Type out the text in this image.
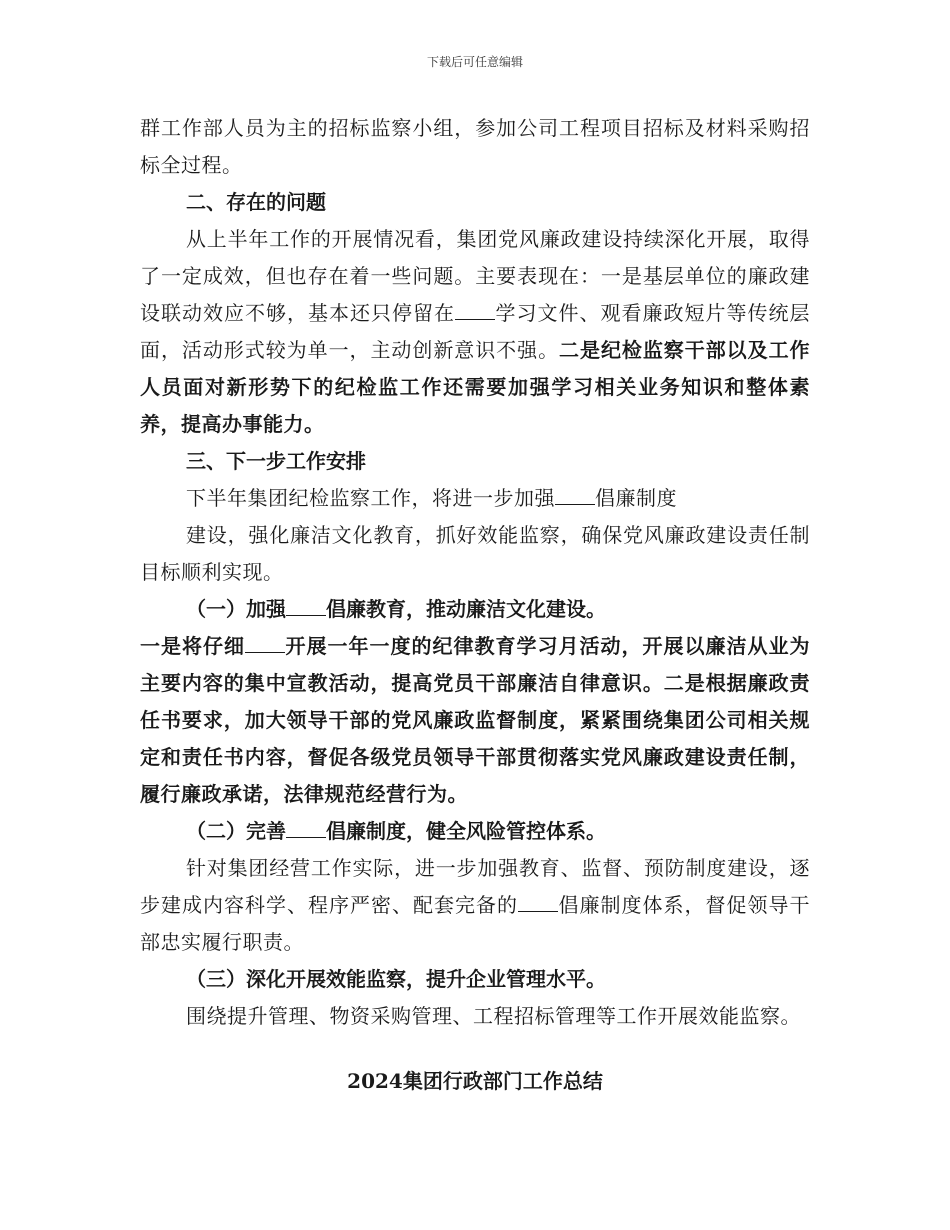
下载后可任意编辑

群工作部人员为主的招标监察小组，参加公司工程项目招标及材料采购招标全过程。

二、存在的问题

从上半年工作的开展情况看，集团党风廉政建设持续深化开展，取得了一定成效，但也存在着一些问题。主要表现在：一是基层单位的廉政建设联动效应不够，基本还只停留在 学习文件、观看廉政短片等传统层面，活动形式较为单一，主动创新意识不强。二是纪检监察干部以及工作人员面对新形势下的纪检监工作还需要加强学习相关业务知识和整体素养，提高办事能力。

三、下一步工作安排

下半年集团纪检监察工作，将进一步加强 倡廉制度

建设，强化廉洁文化教育，抓好效能监察，确保党风廉政建设责任制目标顺利实现。

（一）加强 倡廉教育，推动廉洁文化建设。

一是将仔细 开展一年一度的纪律教育学习月活动，开展以廉洁从业为主要内容的集中宣教活动，提高党员干部廉洁自律意识。二是根据廉政责任书要求，加大领导干部的党风廉政监督制度，紧紧围绕集团公司相关规定和责任书内容，督促各级党员领导干部贯彻落实党风廉政建设责任制，履行廉政承诺，法律规范经营行为。

（二）完善 倡廉制度，健全风险管控体系。

针对集团经营工作实际，进一步加强教育、监督、预防制度建设，逐步建成内容科学、程序严密、配套完备的 倡廉制度体系，督促领导干部忠实履行职责。

（三）深化开展效能监察，提升企业管理水平。

围绕提升管理、物资采购管理、工程招标管理等工作开展效能监察。

2024集团行政部门工作总结
